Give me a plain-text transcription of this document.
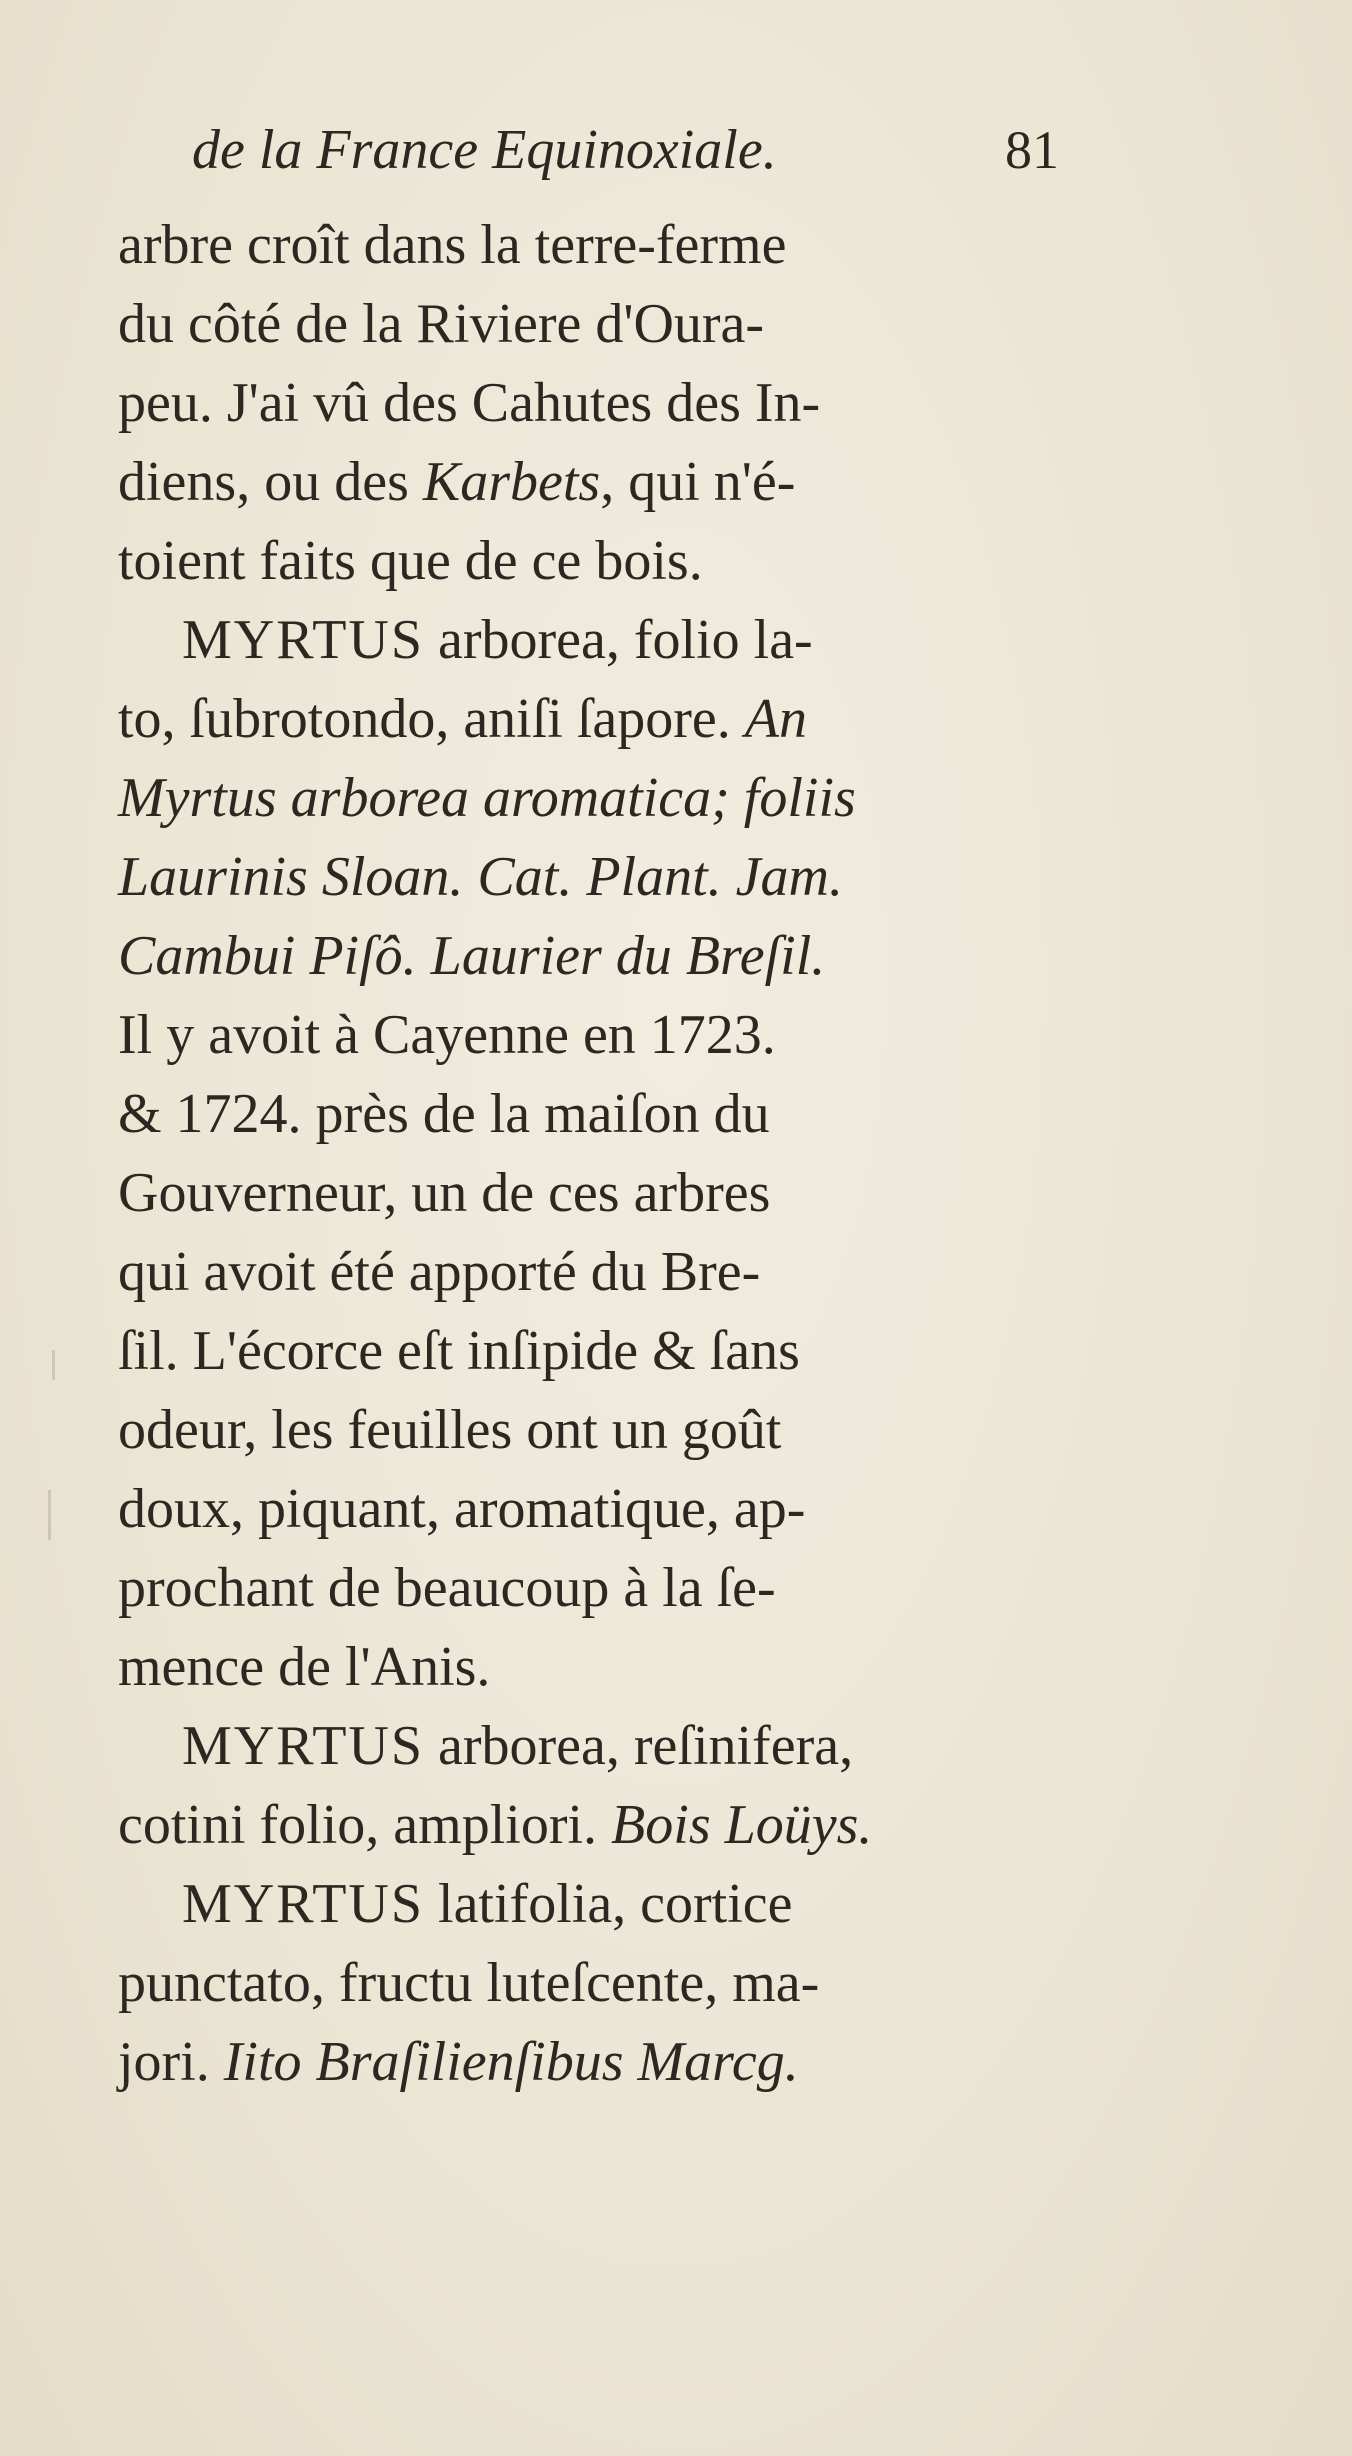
de la France Equinoxiale.	81
arbre croît dans la terre-ferme
du côté de la Riviere d'Oura-
peu. J'ai vû des Cahutes des In-
diens, ou des Karbets, qui n'é-
toient faits que de ce bois.
MYRTUS arborea, folio la-
to, ſubrotondo, aniſi ſapore. An
Myrtus arborea aromatica; foliis
Laurinis Sloan. Cat. Plant. Jam.
Cambui Piſô. Laurier du Breſil.
Il y avoit à Cayenne en 1723.
& 1724. près de la maiſon du
Gouverneur, un de ces arbres
qui avoit été apporté du Bre-
ſil. L'écorce eſt inſipide & ſans
odeur, les feuilles ont un goût
doux, piquant, aromatique, ap-
prochant de beaucoup à la ſe-
mence de l'Anis.
MYRTUS arborea, reſinifera,
cotini folio, ampliori. Bois Loüys.
MYRTUS latifolia, cortice
punctato, fructu luteſcente, ma-
jori. Iito Braſilienſibus Marcg.
